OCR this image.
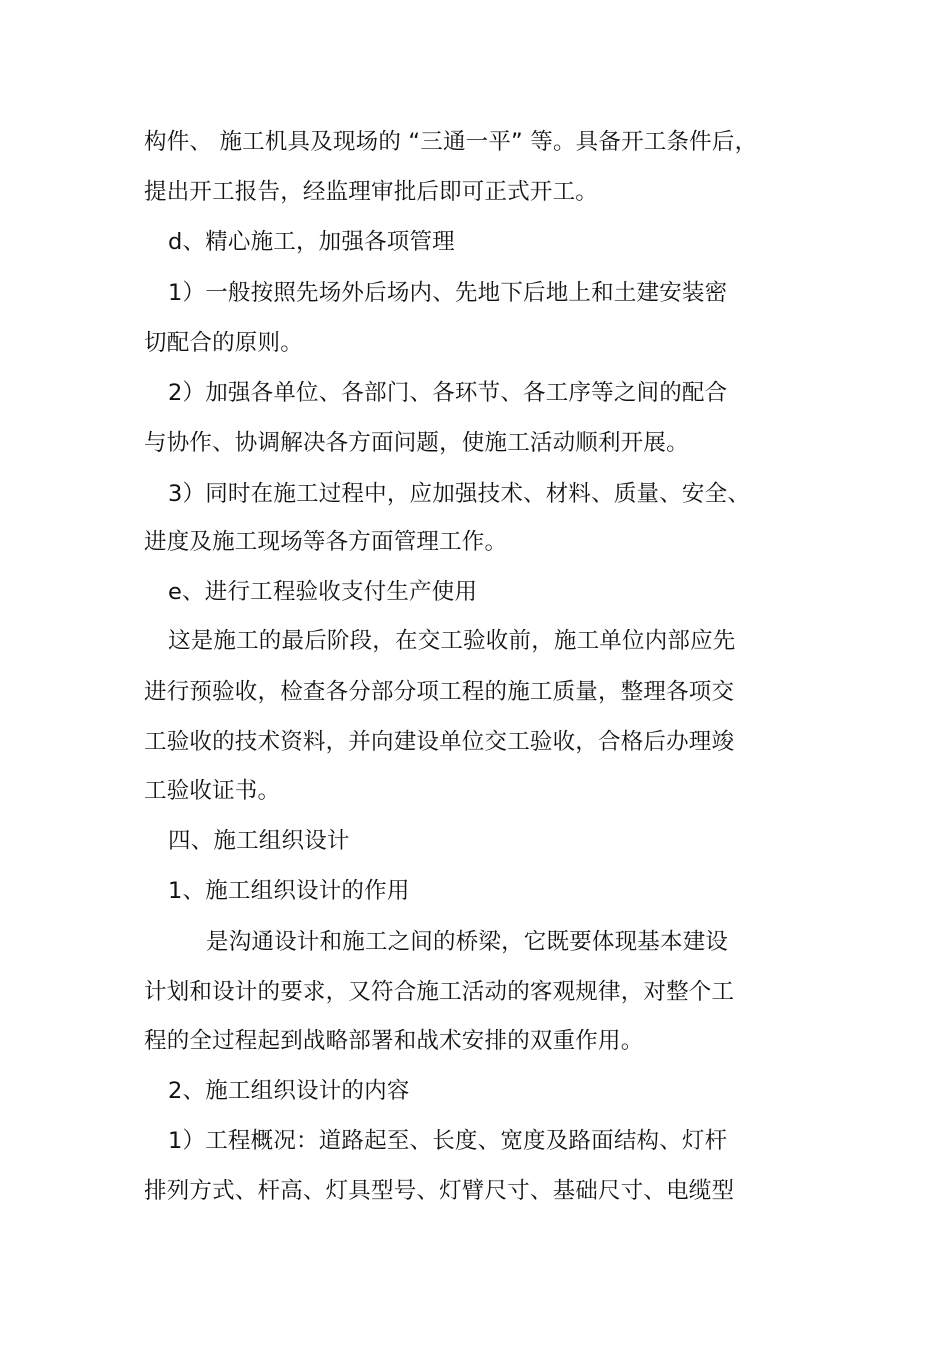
构件、 施工机具及现场的 “三通一平” 等。具备开工条件后，
提出开工报告，经监理审批后即可正式开工。
d、精心施工，加强各项管理
1）一般按照先场外后场内、先地下后地上和土建安装密
切配合的原则。
2）加强各单位、各部门、各环节、各工序等之间的配合
与协作、协调解决各方面问题，使施工活动顺利开展。
3）同时在施工过程中，应加强技术、材料、质量、安全、
进度及施工现场等各方面管理工作。
e、进行工程验收支付生产使用
这是施工的最后阶段，在交工验收前，施工单位内部应先
进行预验收，检查各分部分项工程的施工质量，整理各项交
工验收的技术资料，并向建设单位交工验收，合格后办理竣
工验收证书。
四、施工组织设计
1、施工组织设计的作用
是沟通设计和施工之间的桥梁，它既要体现基本建设
计划和设计的要求，又符合施工活动的客观规律，对整个工
程的全过程起到战略部署和战术安排的双重作用。
2、施工组织设计的内容
1）工程概况：道路起至、长度、宽度及路面结构、灯杆
排列方式、杆高、灯具型号、灯臂尺寸、基础尺寸、电缆型
